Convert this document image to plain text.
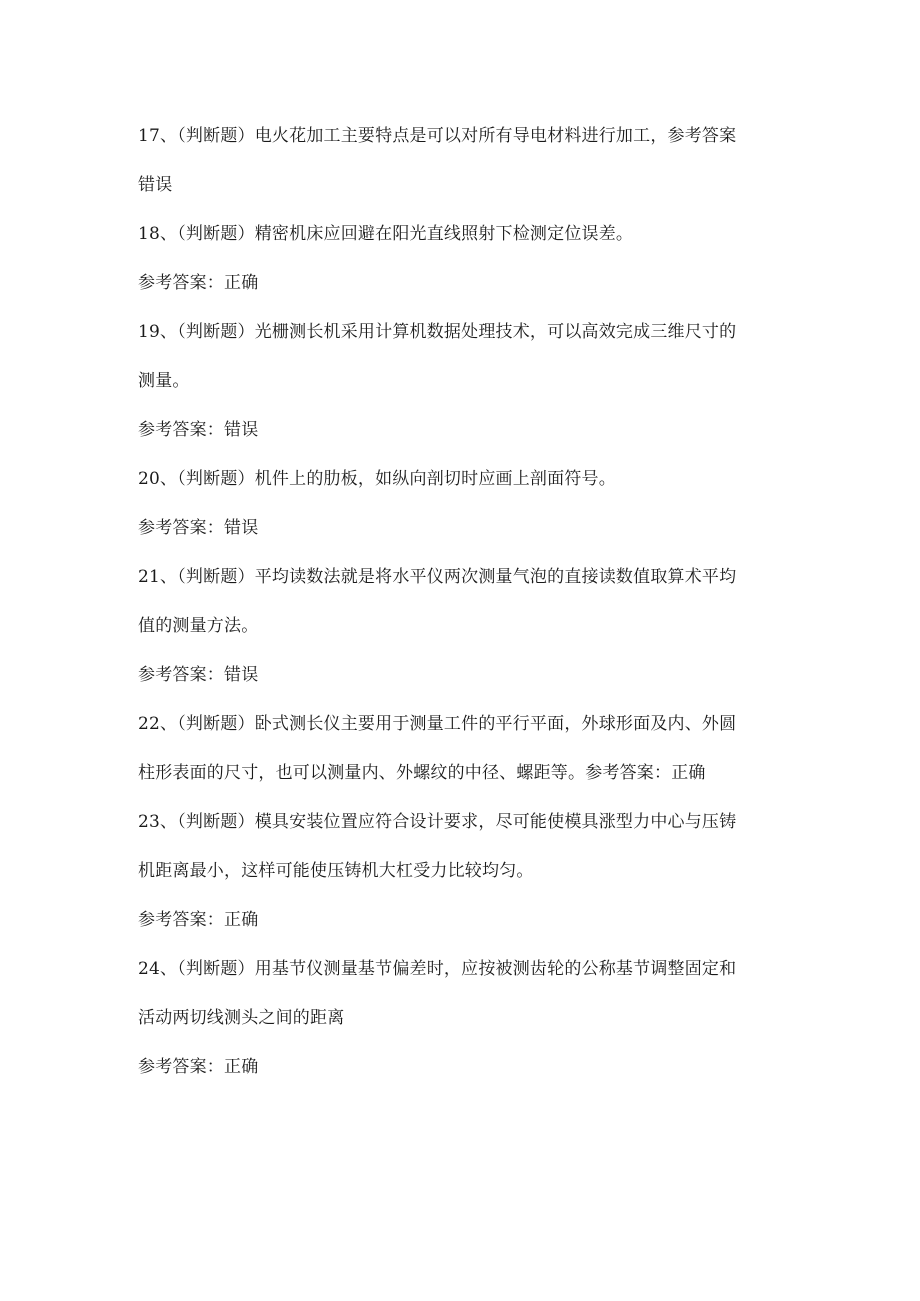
17、（判断题）电火花加工主要特点是可以对所有导电材料进行加工，参考答案
错误
18、（判断题）精密机床应回避在阳光直线照射下检测定位误差。
参考答案：正确
19、（判断题）光栅测长机采用计算机数据处理技术，可以高效完成三维尺寸的
测量。
参考答案：错误
20、（判断题）机件上的肋板，如纵向剖切时应画上剖面符号。
参考答案：错误
21、（判断题）平均读数法就是将水平仪两次测量气泡的直接读数值取算术平均
值的测量方法。
参考答案：错误
22、（判断题）卧式测长仪主要用于测量工件的平行平面，外球形面及内、外圆
柱形表面的尺寸，也可以测量内、外螺纹的中径、螺距等。参考答案：正确
23、（判断题）模具安装位置应符合设计要求，尽可能使模具涨型力中心与压铸
机距离最小，这样可能使压铸机大杠受力比较均匀。
参考答案：正确
24、（判断题）用基节仪测量基节偏差时，应按被测齿轮的公称基节调整固定和
活动两切线测头之间的距离
参考答案：正确
